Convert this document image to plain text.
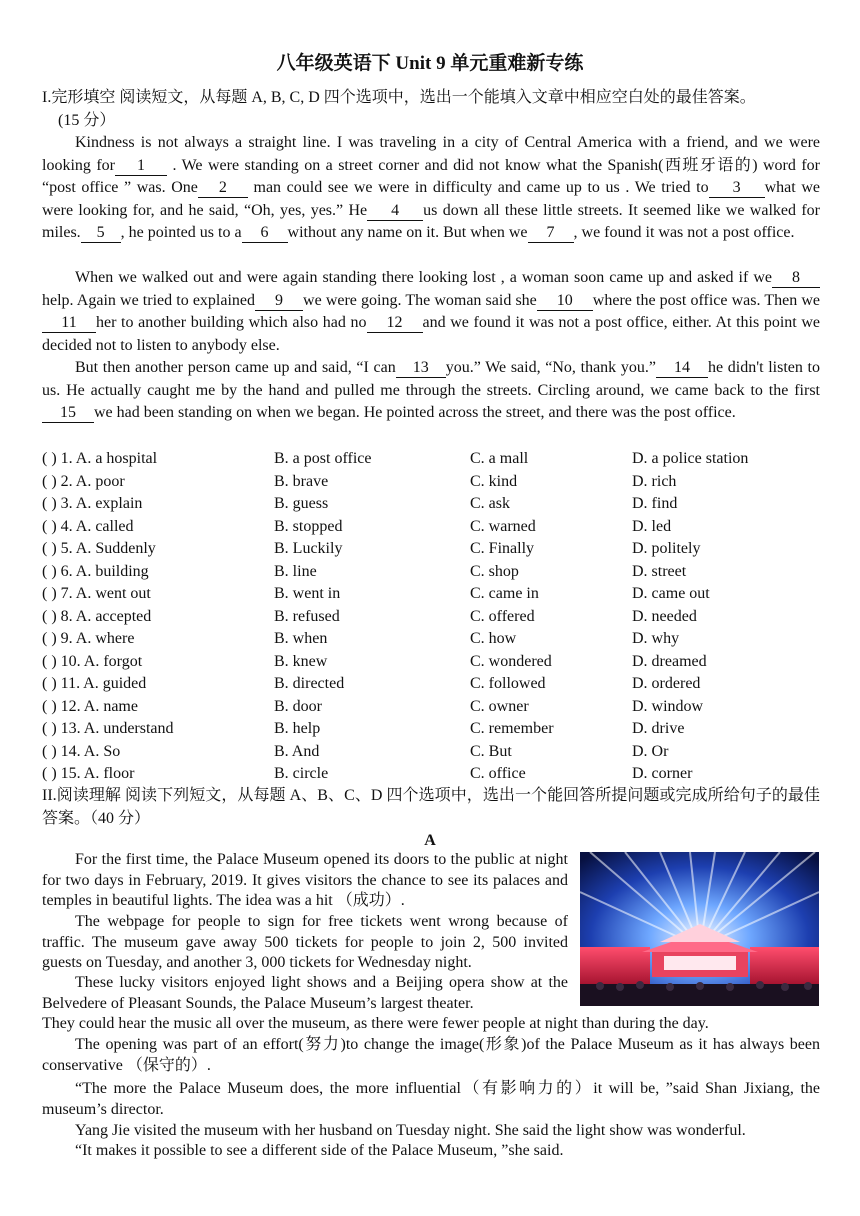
八年级英语下 Unit 9 单元重难新专练
I.完形填空 阅读短文，从每题 A, B, C, D 四个选项中，选出一个能填入文章中相应空白处的最佳答案。
(15 分）
Kindness is not always a straight line. I was traveling in a city of Central America with a friend, and we were looking for 1 . We were standing on a street corner and did not know what the Spanish(西班牙语的) word for “post office ” was. One 2 man could see we were in difficulty and came up to us . We tried to 3 what we were looking for, and he said, “Oh, yes, yes.” He 4 us down all these little streets. It seemed like we walked for miles. 5 , he pointed us to a 6 without any name on it. But when we 7 , we found it was not a post office.
When we walked out and were again standing there looking lost , a woman soon came up and asked if we 8help. Again we tried to explained 9 we were going. The woman said she 10 where the post office was. Then we11 her to another building which also had no 12 and we found it was not a post office, either. At this point we decided not to listen to anybody else.
But then another person came up and said, “I can 13 you.” We said, “No, thank you.” 14 he didn't listen to us. He actually caught me by the hand and pulled me through the streets. Circling around, we came back to the first15 we had been standing on when we began. He pointed across the street, and there was the post office.
( ) 1. A. a hospital	B. a post office	C. a mall	D. a police station
( ) 2. A. poor	B. brave	C. kind	D. rich
( ) 3. A. explain	B. guess	C. ask	D. find
( ) 4. A. called	B. stopped	C. warned	D. led
( ) 5. A. Suddenly	B. Luckily	C. Finally	D. politely
( ) 6. A. building	B. line	C. shop	D. street
( ) 7. A. went out	B. went in	C. came in	D. came out
( ) 8. A. accepted	B. refused	C. offered	D. needed
( ) 9. A. where	B. when	C. how	D. why
( ) 10. A. forgot	B. knew	C. wondered	D. dreamed
( ) 11. A. guided	B. directed	C. followed	D. ordered
( ) 12. A. name	B. door	C. owner	D. window
( ) 13. A. understand	B. help	C. remember	D. drive
( ) 14. A. So	B. And	C. But	D. Or
( ) 15. A. floor	B. circle	C. office	D. corner
II.阅读理解 阅读下列短文，从每题 A、B、C、D 四个选项中，选出一个能回答所提问题或完成所给句子的最佳答案。（40 分）
A
For the first time, the Palace Museum opened its doors to the public at night for two days in February, 2019. It gives visitors the chance to see its palaces and temples in beautiful lights. The idea was a hit （成功）.
The webpage for people to sign for free tickets went wrong because of traffic. The museum gave away 500 tickets for people to join 2, 500 invited guests on Tuesday, and another 3, 000 tickets for Wednesday night.
These lucky visitors enjoyed light shows and a Beijing opera show at the Belvedere of Pleasant Sounds, the Palace Museum’s largest theater.
They could hear the music all over the museum, as there were fewer people at night than during the day.
The opening was part of an effort(努力)to change the image(形象)of the Palace Museum as it has always been conservative （保守的）.
“The more the Palace Museum does, the more influential（有影响力的）it will be, ”said Shan Jixiang, the museum’s director.
Yang Jie visited the museum with her husband on Tuesday night. She said the light show was wonderful.
“It makes it possible to see a different side of the Palace Museum, ”she said.
